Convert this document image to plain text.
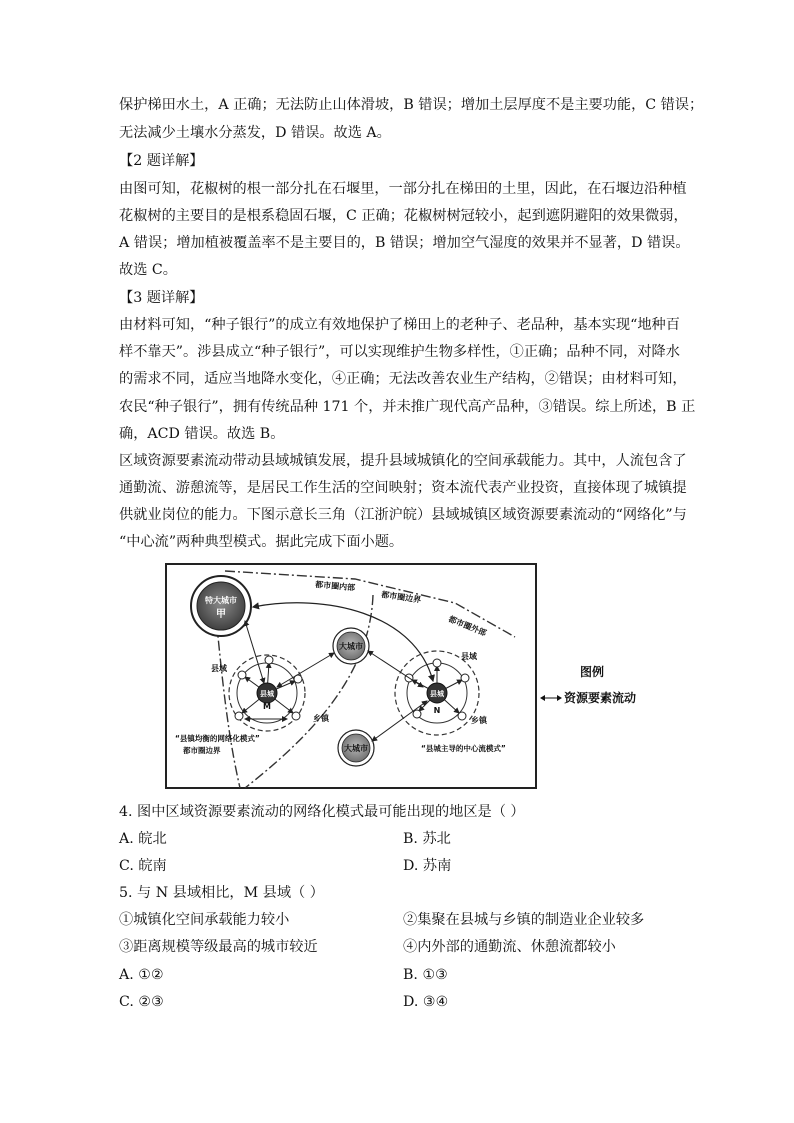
保护梯田水土，A 正确；无法防止山体滑坡，B 错误；增加土层厚度不是主要功能，C 错误；
无法减少土壤水分蒸发，D 错误。故选 A。
【2 题详解】
由图可知，花椒树的根一部分扎在石堰里，一部分扎在梯田的土里，因此，在石堰边沿种植
花椒树的主要目的是根系稳固石堰，C 正确；花椒树树冠较小，起到遮阴避阳的效果微弱，
A 错误；增加植被覆盖率不是主要目的，B 错误；增加空气湿度的效果并不显著，D 错误。
故选 C。
【3 题详解】
由材料可知，“种子银行”的成立有效地保护了梯田上的老种子、老品种，基本实现“地种百
样不靠天”。涉县成立“种子银行”，可以实现维护生物多样性，①正确；品种不同，对降水
的需求不同，适应当地降水变化，④正确；无法改善农业生产结构，②错误；由材料可知，
农民“种子银行”，拥有传统品种 171 个，并未推广现代高产品种，③错误。综上所述，B 正
确，ACD 错误。故选 B。
区域资源要素流动带动县域城镇发展，提升县域城镇化的空间承载能力。其中，人流包含了
通勤流、游憩流等，是居民工作生活的空间映射；资本流代表产业投资，直接体现了城镇提
供就业岗位的能力。下图示意长三角（江浙沪皖）县域城镇区域资源要素流动的“网络化”与
“中心流”两种典型模式。据此完成下面小题。
特大城市
甲
大城市
大城市
县城
M
县城
N
都市圈内部
都市圈边界
都市圈外部
县域
县域
乡镇	乡镇
“县镇均衡的网络化模式”
都市圈边界	“县城主导的中心流模式”
图例
资源要素流动
4. 图中区域资源要素流动的网络化模式最可能出现的地区是（ ）
A. 皖北	B. 苏北
C. 皖南	D. 苏南
5. 与 N 县域相比，M 县域（ ）
①城镇化空间承载能力较小	②集聚在县城与乡镇的制造业企业较多
③距离规模等级最高的城市较近	④内外部的通勤流、休憩流都较小
A. ①②	B. ①③
C. ②③	D. ③④
